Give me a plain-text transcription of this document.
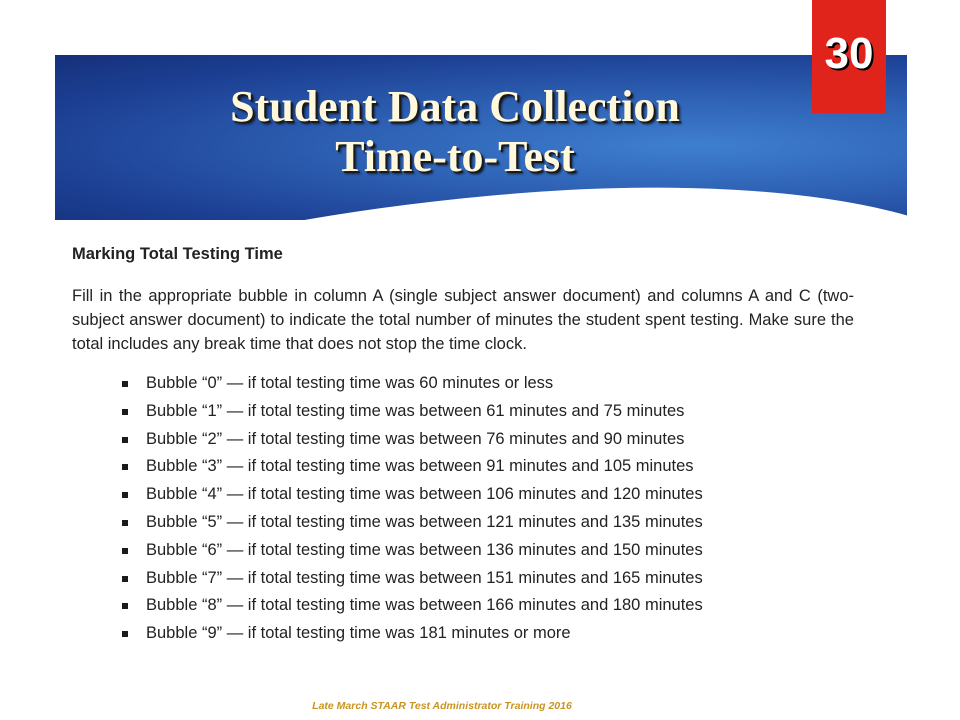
Student Data Collection
Time-to-Test
30

Marking Total Testing Time

Fill in the appropriate bubble in column A (single subject answer document) and columns A and C (two-subject answer document) to indicate the total number of minutes the student spent testing. Make sure the total includes any break time that does not stop the time clock.

Bubble “0” — if total testing time was 60 minutes or less
Bubble “1” — if total testing time was between 61 minutes and 75 minutes
Bubble “2” — if total testing time was between 76 minutes and 90 minutes
Bubble “3” — if total testing time was between 91 minutes and 105 minutes
Bubble “4” — if total testing time was between 106 minutes and 120 minutes
Bubble “5” — if total testing time was between 121 minutes and 135 minutes
Bubble “6” — if total testing time was between 136 minutes and 150 minutes
Bubble “7” — if total testing time was between 151 minutes and 165 minutes
Bubble “8” — if total testing time was between 166 minutes and 180 minutes
Bubble “9” — if total testing time was 181 minutes or more
Late March STAAR Test Administrator Training 2016
